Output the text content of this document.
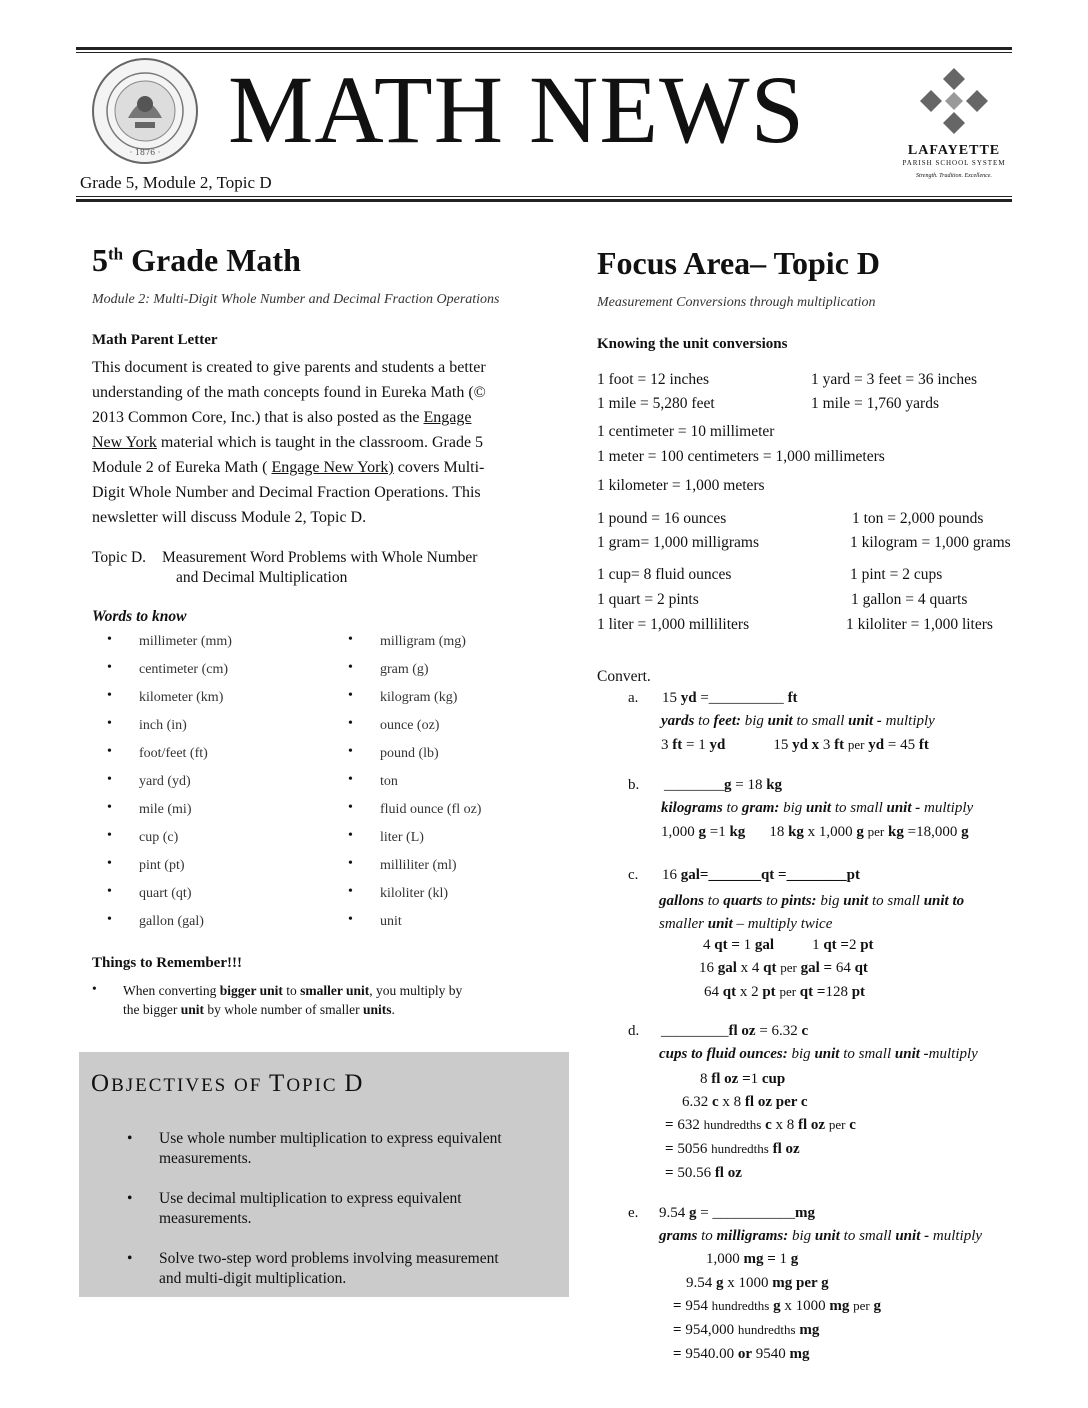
· 1876 · MATH NEWS	LAFAYETTE
PARISH SCHOOL SYSTEM
Strength. Tradition. Excellence.
Grade 5, Module 2, Topic D
5th Grade Math
Module 2: Multi-Digit Whole Number and Decimal Fraction Operations
Math Parent Letter
This document is created to give parents and students a better
understanding of the math concepts found in Eureka Math (©
2013 Common Core, Inc.) that is also posted as the Engage
New York material which is taught in the classroom. Grade 5
Module 2 of Eureka Math ( Engage New York) covers Multi-
Digit Whole Number and Decimal Fraction Operations. This
newsletter will discuss Module 2, Topic D.
Topic D. Measurement Word Problems with Whole Number
and Decimal Multiplication
Words to know
• millimeter (mm)
• centimeter (cm)
• kilometer (km)
• inch (in)
• foot/feet (ft)
• yard (yd)
• mile (mi)
• cup (c)
• pint (pt)
• quart (qt)
• gallon (gal)
• milligram (mg)
• gram (g)
• kilogram (kg)
• ounce (oz)
• pound (lb)
• ton
• fluid ounce (fl oz)
• liter (L)
• milliliter (ml)
• kiloliter (kl)
• unit
Things to Remember!!!
• When converting bigger unit to smaller unit, you multiply by
the bigger unit by whole number of smaller units.
OBJECTIVES OF TOPIC D
• Use whole number multiplication to express equivalent
measurements.
• Use decimal multiplication to express equivalent
measurements.
• Solve two-step word problems involving measurement
and multi-digit multiplication.
Focus Area– Topic D
Measurement Conversions through multiplication
Knowing the unit conversions
1 foot = 12 inches	1 yard = 3 feet = 36 inches
1 mile = 5,280 feet	1 mile = 1,760 yards
1 centimeter = 10 millimeter
1 meter = 100 centimeters = 1,000 millimeters
1 kilometer = 1,000 meters
1 pound = 16 ounces	1 ton = 2,000 pounds
1 gram= 1,000 milligrams	1 kilogram = 1,000 grams
1 cup= 8 fluid ounces	1 pint = 2 cups
1 quart = 2 pints	1 gallon = 4 quarts
1 liter = 1,000 milliliters	1 kiloliter = 1,000 liters
Convert.
a. 15 yd =__________ ft
yards to feet: big unit to small unit - multiply
3 ft = 1 yd	15 yd x 3 ft per yd = 45 ft
b. ________g = 18 kg
kilograms to gram: big unit to small unit - multiply
1,000 g =1 kg 18 kg x 1,000 g per kg =18,000 g
c. 16 gal=_______qt =________pt
gallons to quarts to pints: big unit to small unit to
smaller unit – multiply twice
4 qt = 1 gal	1 qt =2 pt
16 gal x 4 qt per gal = 64 qt
64 qt x 2 pt per qt =128 pt
d. _________fl oz = 6.32 c
cups to fluid ounces: big unit to small unit -multiply
8 fl oz =1 cup
6.32 c x 8 fl oz per c
= 632 hundredths c x 8 fl oz per c
= 5056 hundredths fl oz
= 50.56 fl oz
e. 9.54 g = ___________mg
grams to milligrams: big unit to small unit - multiply
1,000 mg = 1 g
9.54 g x 1000 mg per g
= 954 hundredths g x 1000 mg per g
= 954,000 hundredths mg
= 9540.00 or 9540 mg
